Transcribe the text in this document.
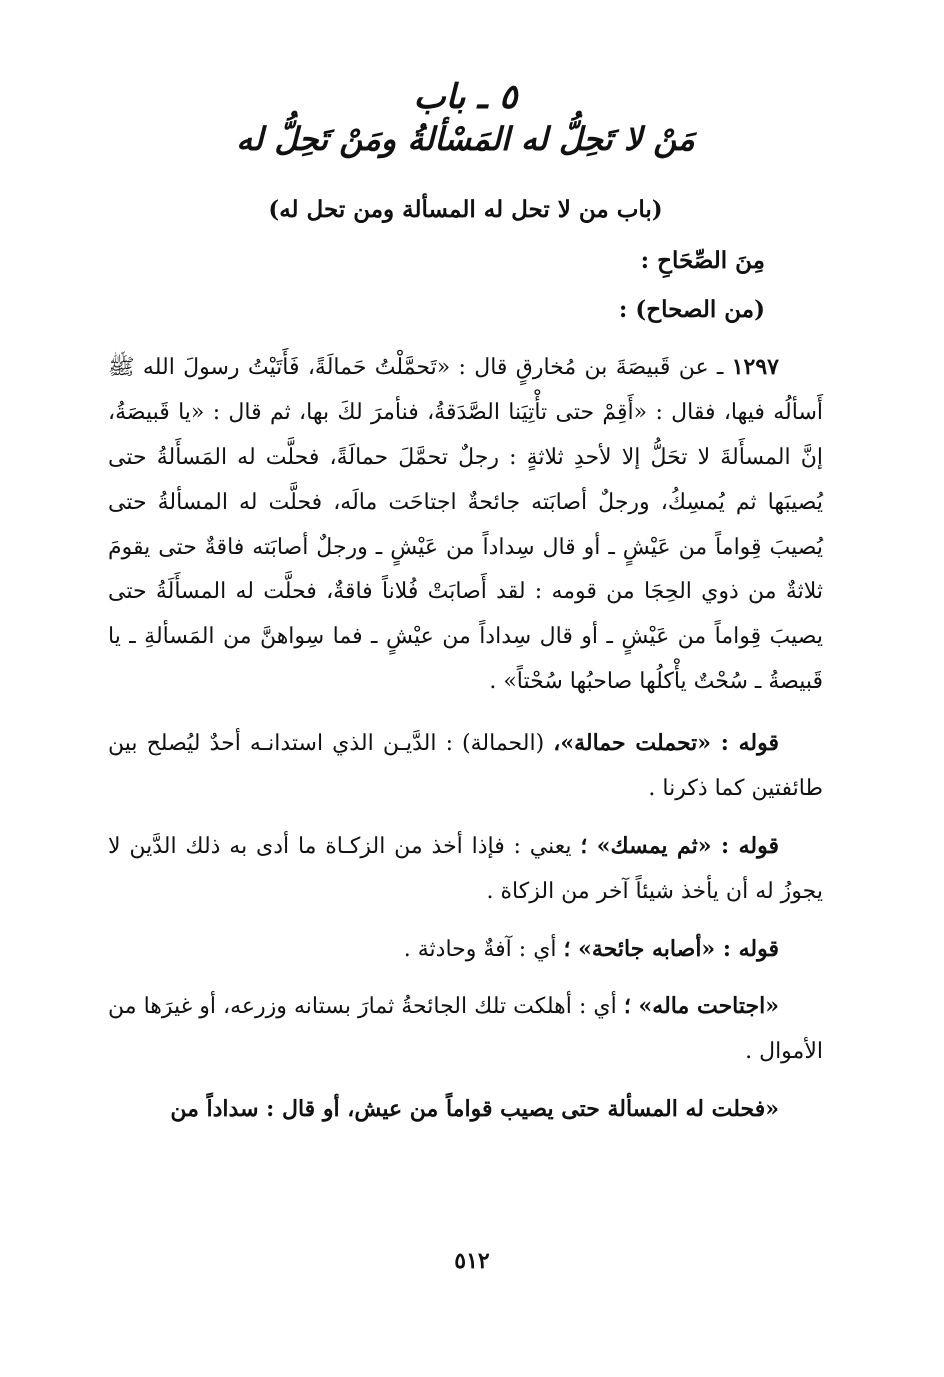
٥ ـ باب
مَنْ لا تَحِلُّ له المَسْألةُ ومَنْ تَحِلُّ له
(باب من لا تحل له المسألة ومن تحل له)
مِنَ الصِّحَاحِ :
(من الصحاح) :

١٢٩٧ ـ عن قَبيصَةَ بن مُخارقٍ قال : «تَحمَّلْتُ حَمالَةً، فَأَتَيْتُ رسولَ الله ﷺ أَسألُه فيها، فقال : «أَقِمْ حتى تأْتِيَنا الصَّدَقةُ، فنأمرَ لكَ بها، ثم قال : «يا قَبيصَةُ، إنَّ المسأَلةَ لا تحَلُّ إلا لأحدِ ثلاثةٍ : رجلٌ تحمَّلَ حمالَةً، فحلَّت له المَسأَلةُ حتى يُصيبَها ثم يُمسِكُ، ورجلٌ أصابَته جائحةٌ اجتاحَت مالَه، فحلَّت له المسألةُ حتى يُصيبَ قِواماً من عَيْشٍ ـ أو قال سِداداً من عَيْشٍ ـ ورجلٌ أصابَته فاقةٌ حتى يقومَ ثلاثةٌ من ذوي الحِجَا من قومه : لقد أَصابَتْ فُلاناً فاقةٌ، فحلَّت له المسأَلَةُ حتى يصيبَ قِواماً من عَيْشٍ ـ أو قال سِداداً من عيْشٍ ـ فما سِواهنَّ من المَسألةِ ـ يا قَبيصةُ ـ سُحْتٌ يأْكلُها صاحبُها سُحْتاً» .

قوله : «تحملت حمالة»، (الحمالة) : الدَّيـن الذي استدانـه أحدٌ ليُصلح بين طائفتين كما ذكرنا .

قوله : «ثم يمسك» ؛ يعني : فإذا أخذ من الزكـاة ما أدى به ذلك الدَّين لا يجوزُ له أن يأخذ شيئاً آخر من الزكاة .

قوله : «أصابه جائحة» ؛ أي : آفةٌ وحادثة .

«اجتاحت ماله» ؛ أي : أهلكت تلك الجائحةُ ثمارَ بستانه وزرعه، أو غيرَها من الأموال .

«فحلت له المسألة حتى يصيب قواماً من عيش، أو قال : سداداً من

٥١٢
